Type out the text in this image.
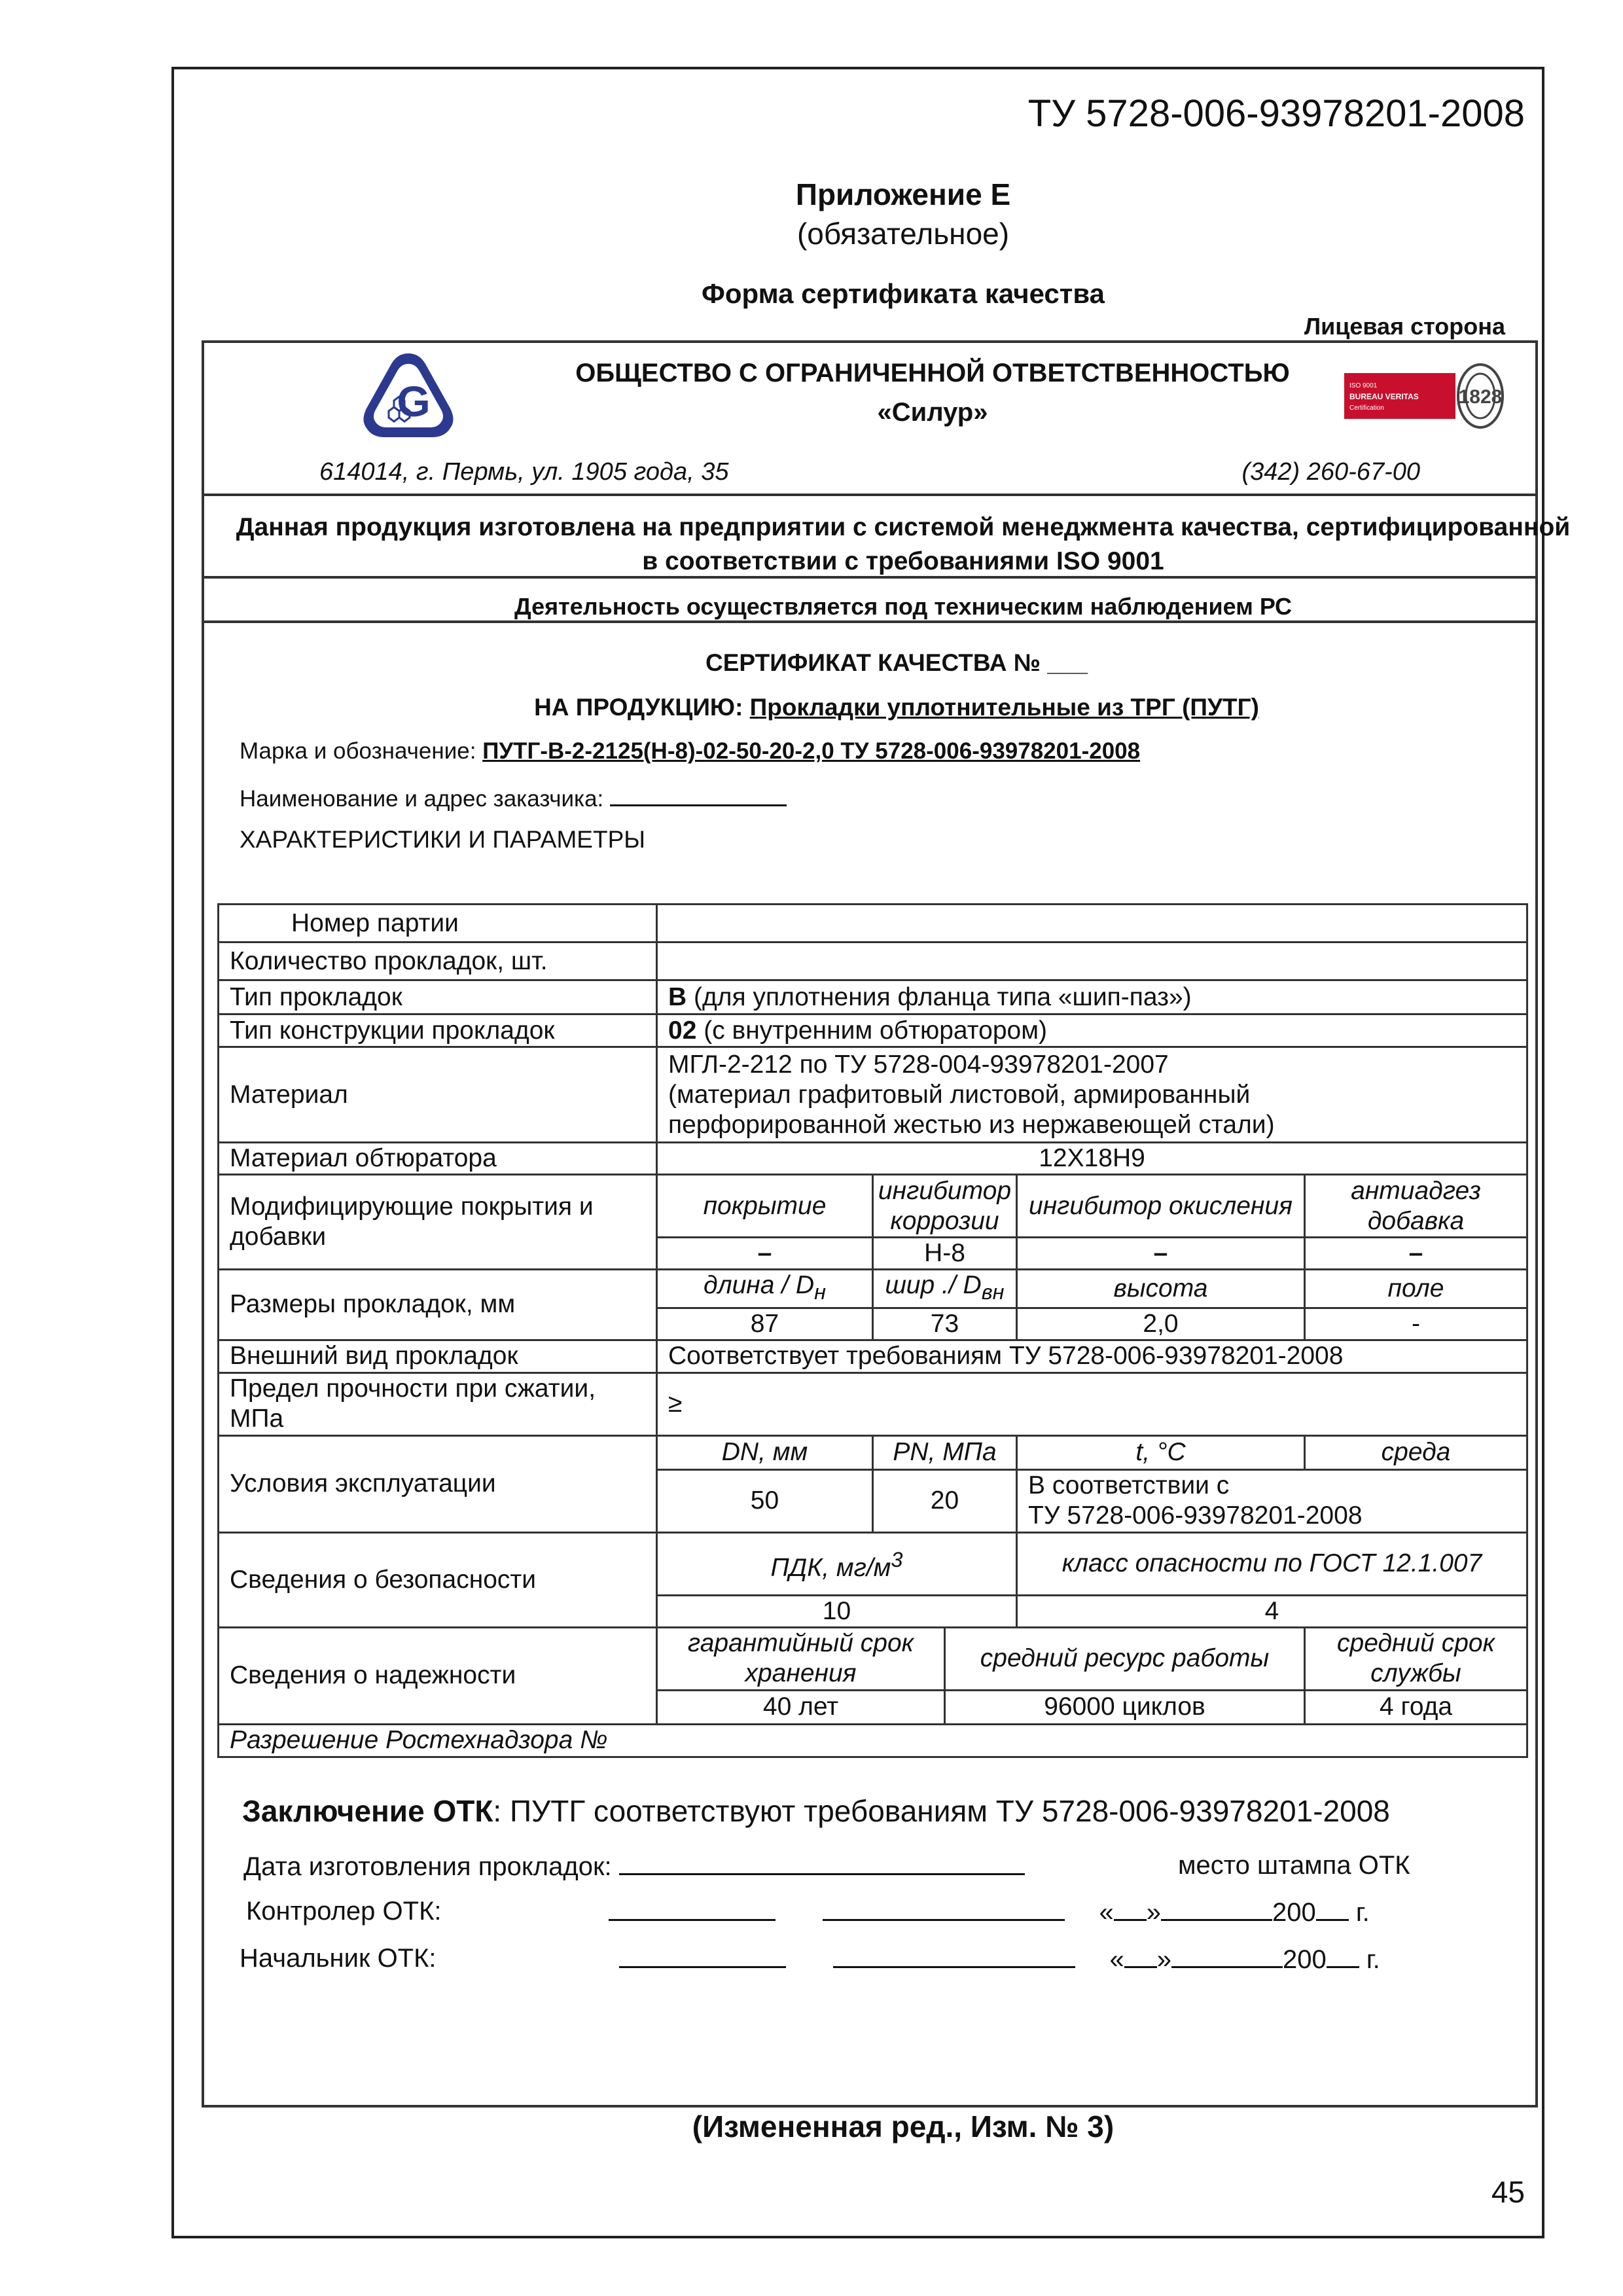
ТУ 5728-006-93978201-2008
Приложение Е
(обязательное)
Форма сертификата качества
Лицевая сторона
G
ОБЩЕСТВО С ОГРАНИЧЕННОЙ ОТВЕТСТВЕННОСТЬЮ
«Силур»
ISO 9001
BUREAU VERITAS
Certification
1828
614014, г. Пермь, ул. 1905 года, 35	(342) 260-67-00
Данная продукция изготовлена на предприятии с системой менеджмента качества, сертифицированной в соответствии с требованиями ISO 9001
Деятельность осуществляется под техническим наблюдением РС
СЕРТИФИКАТ КАЧЕСТВА № ___
НА ПРОДУКЦИЮ: Прокладки уплотнительные из ТРГ (ПУТГ)
Марка и обозначение: ПУТГ-В-2-2125(Н-8)-02-50-20-2,0 ТУ 5728-006-93978201-2008
Наименование и адрес заказчика:
ХАРАКТЕРИСТИКИ И ПАРАМЕТРЫ
Номер партии					
Количество прокладок, шт.					
Тип прокладок	В (для уплотнения фланца типа «шип-паз»)				
Тип конструкции прокладок	02 (с внутренним обтюратором)				
Материал	МГЛ-2-212 по ТУ 5728-004-93978201-2007
(материал графитовый листовой, армированный
перфорированной жестью из нержавеющей стали)				

Материал обтюратора	12Х18Н9				
Модифицирующие покрытия и добавки	покрытие	ингибитор коррозии		ингибитор окисления	антиадгез добавка
	–	Н-8		–	–
Размеры прокладок, мм	длина / $D_н$	шир ./ $D_{вн}$		высота	поле
	87	73		2,0	-
Внешний вид прокладок	Соответствует требованиям ТУ 5728-006-93978201-2008				
Предел прочности при сжатии, МПа	≥				
Условия эксплуатации	DN, мм	PN, МПа		t, °C	среда
	50	20		В соответствии с
ТУ 5728-006-93978201-2008	

Сведения о безопасности	ПДК, $мг/м^3$			класс опасности по ГОСТ 12.1.007	
	10			4	
Сведения о надежности	гарантийный срок хранения		средний ресурс работы		средний срок службы
	40 лет		96000 циклов		4 года
Разрешение Ростехнадзора №					
Заключение ОТК: ПУТГ соответствуют требованиям ТУ 5728-006-93978201-2008
Дата изготовления прокладок:	место штампа ОТК
Контролер ОТК:	« »	200 г.
Начальник ОТК:	« »	200 г.
(Измененная ред., Изм. № 3)
45
